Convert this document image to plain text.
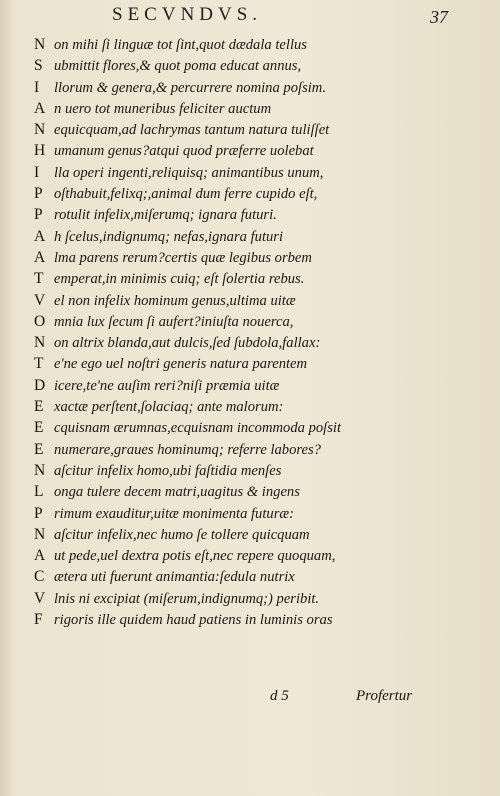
SECVNDVS.	37
N on mihi ſi linguæ tot ſint,quot dædala tellus
S ubmittit flores,& quot poma educat annus,
I llorum & genera,& percurrere nomina poſsim.
A n uero tot muneribus feliciter auctum
N equicquam,ad lachrymas tantum natura tuliſſet
H umanum genus?atqui quod præferre uolebat
I lla operi ingenti,reliquisq; animantibus unum,
P oſthabuit,felixq;,animal dum ferre cupido eſt,
P rotulit infelix,miſerumq; ignara futuri.
A h ſcelus,indignumq; nefas,ignara futuri
A lma parens rerum?certis quæ legibus orbem
T emperat,in minimis cuiq; eſt ſolertia rebus.
V el non infelix hominum genus,ultima uitæ
O mnia lux ſecum ſi aufert?iniuſta nouerca,
N on altrix blanda,aut dulcis,ſed ſubdola,fallax:
T e'ne ego uel noſtri generis natura parentem
D icere,te'ne auſim reri?niſi præmia uitæ
E xactæ perſtent,ſolaciaq; ante malorum:
E cquisnam ærumnas,ecquisnam incommoda poſsit
E numerare,graues hominumq; referre labores?
N aſcitur infelix homo,ubi faſtidia menſes
L onga tulere decem matri,uagitus & ingens
P rimum exauditur,uitæ monimenta futuræ:
N aſcitur infelix,nec humo ſe tollere quicquam
A ut pede,uel dextra potis eſt,nec repere quoquam,
C ætera uti fuerunt animantia:ſedula nutrix
V lnis ni excipiat (miſerum,indignumq;) peribit.
F rigoris ille quidem haud patiens in luminis oras
d 5	Profertur
